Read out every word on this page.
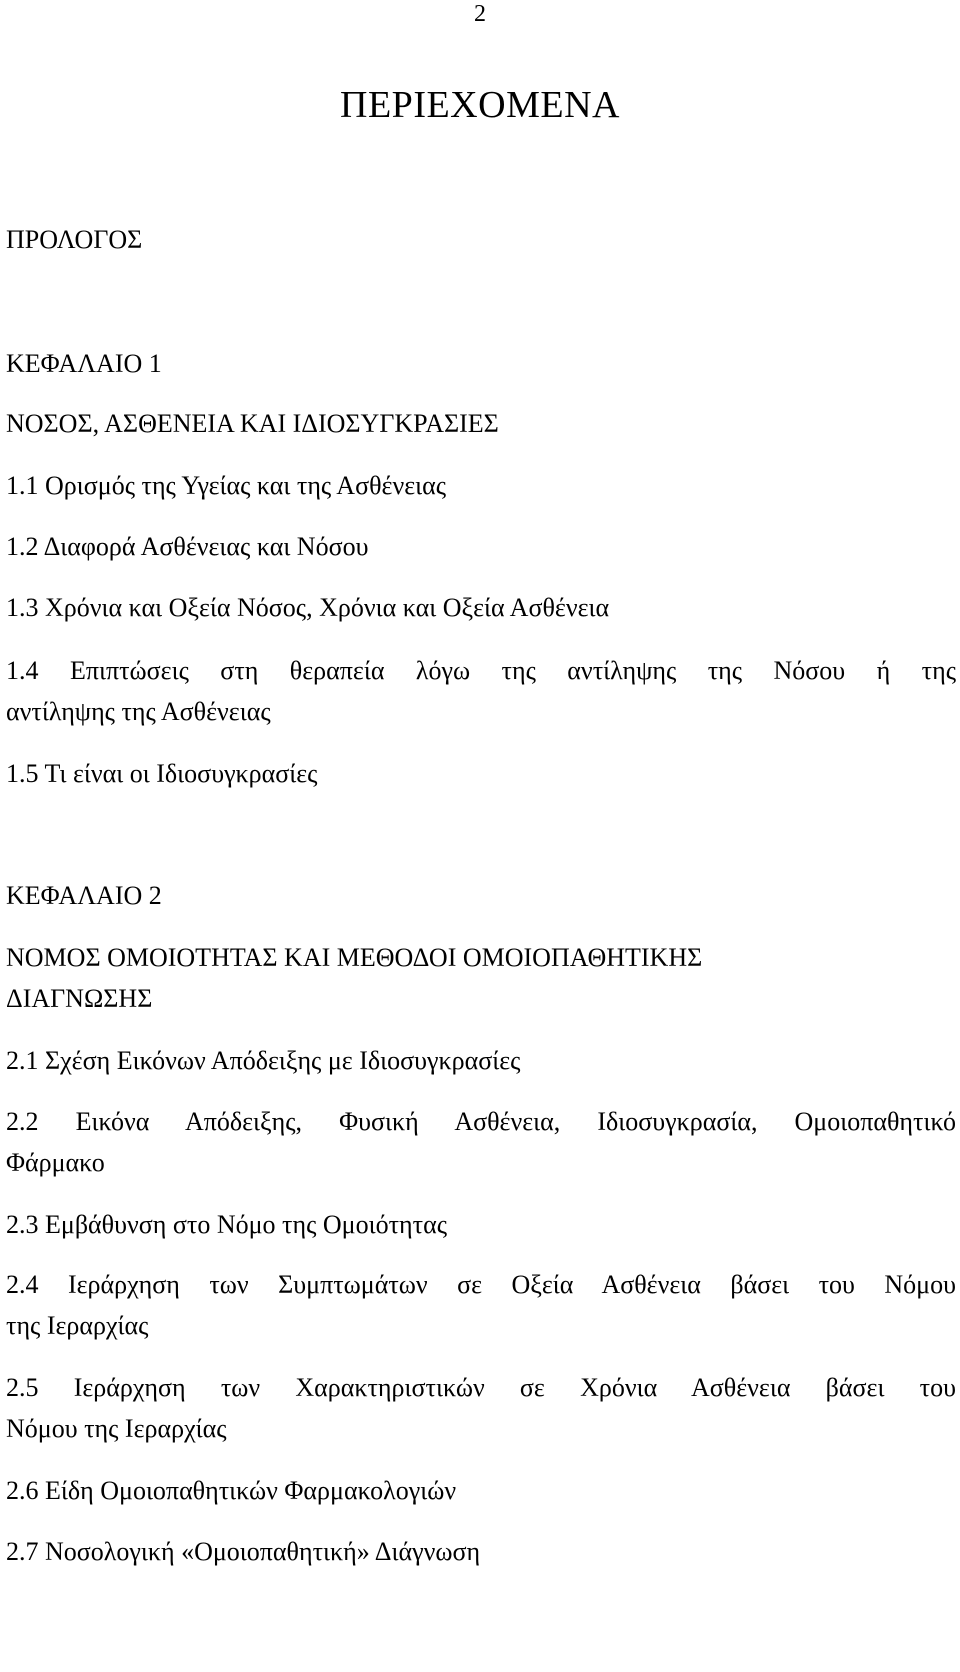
2
ΠΕΡΙΕΧΟΜΕΝΑ
ΠΡΟΛΟΓΟΣ
ΚΕΦΑΛΑΙΟ 1
ΝΟΣΟΣ, ΑΣΘΕΝΕΙΑ ΚΑΙ ΙΔΙΟΣΥΓΚΡΑΣΙΕΣ
1.1 Ορισμός της Υγείας και της Ασθένειας
1.2 Διαφορά Ασθένειας και Νόσου
1.3 Χρόνια και Οξεία Νόσος, Χρόνια και Οξεία Ασθένεια
1.4 Επιπτώσεις στη θεραπεία λόγω της αντίληψης της Νόσου ή της
αντίληψης της Ασθένειας
1.5 Τι είναι οι Ιδιοσυγκρασίες
ΚΕΦΑΛΑΙΟ 2
ΝΟΜΟΣ ΟΜΟΙΟΤΗΤΑΣ ΚΑΙ ΜΕΘΟΔΟΙ ΟΜΟΙΟΠΑΘΗΤΙΚΗΣ
ΔΙΑΓΝΩΣΗΣ
2.1 Σχέση Εικόνων Απόδειξης με Ιδιοσυγκρασίες
2.2 Εικόνα Απόδειξης, Φυσική Ασθένεια, Ιδιοσυγκρασία, Ομοιοπαθητικό
Φάρμακο
2.3 Εμβάθυνση στο Νόμο της Ομοιότητας
2.4 Ιεράρχηση των Συμπτωμάτων σε Οξεία Ασθένεια βάσει του Νόμου
της Ιεραρχίας
2.5 Ιεράρχηση των Χαρακτηριστικών σε Χρόνια Ασθένεια βάσει του
Νόμου της Ιεραρχίας
2.6 Είδη Ομοιοπαθητικών Φαρμακολογιών
2.7 Νοσολογική «Ομοιοπαθητική» Διάγνωση
